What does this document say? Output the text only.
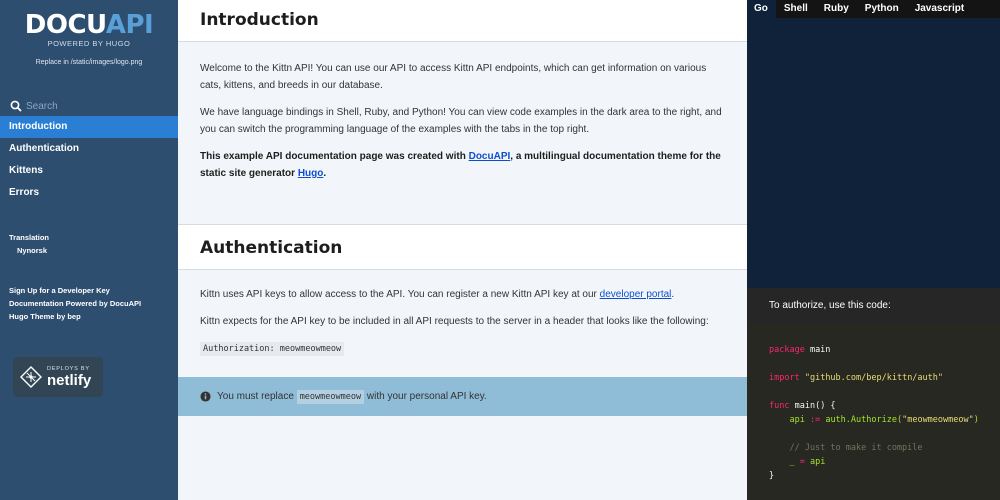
DOCUAPI
POWERED BY HUGO
Replace in /static/images/logo.png
Search
Introduction
Authentication
Kittens
Errors
Translation
Nynorsk
Sign Up for a Developer Key
Documentation Powered by DocuAPI
Hugo Theme by bep
DEPLOYS BY
netlify
Introduction

Welcome to the Kittn API! You can use our API to access Kittn API endpoints, which can get information on various cats, kittens, and breeds in our database.

We have language bindings in Shell, Ruby, and Python! You can view code examples in the dark area to the right, and you can switch the programming language of the examples with the tabs in the top right.

This example API documentation page was created with DocuAPI, a multilingual documentation theme for the static site generator Hugo.

Authentication

Kittn uses API keys to allow access to the API. You can register a new Kittn API key at our developer portal.

Kittn expects for the API key to be included in all API requests to the server in a header that looks like the following:

Authorization: meowmeowmeow

You must replace
meowmeowmeow
with your personal API key.
Go	Shell	Ruby	Python	Javascript
To authorize, use this code:
package main
import "github.com/bep/kittn/auth"
func main() {
api := auth.Authorize("meowmeowmeow")
// Just to make it compile
_ = api
}
